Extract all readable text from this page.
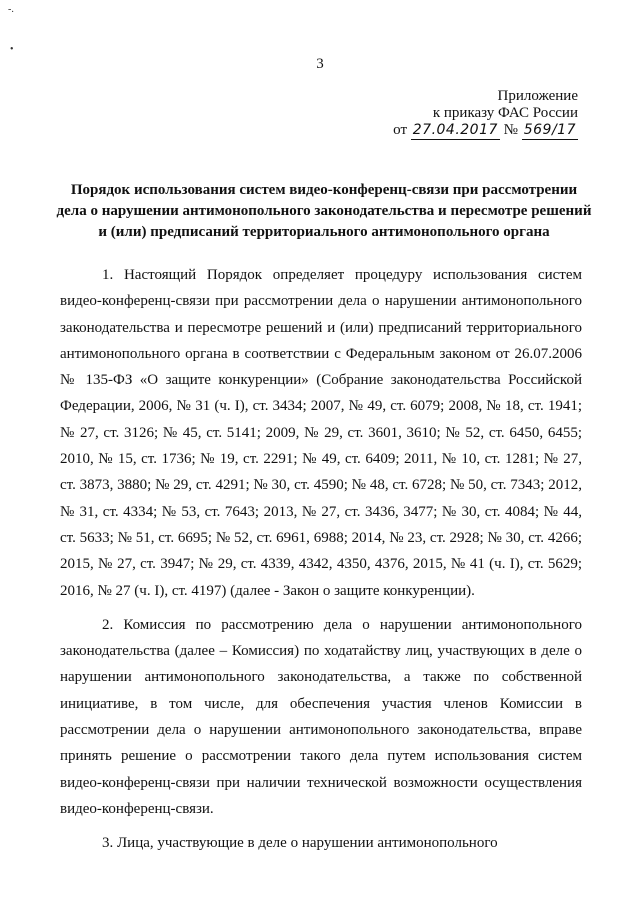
-.
•
3
Приложение
к приказу ФАС России
от 27.04.2017 № 569/17
Порядок использования систем видео-конференц-связи при рассмотрении дела о нарушении антимонопольного законодательства и пересмотре решений и (или) предписаний территориального антимонопольного органа

1. Настоящий Порядок определяет процедуру использования систем видео-конференц-связи при рассмотрении дела о нарушении антимонопольного законодательства и пересмотре решений и (или) предписаний территориального антимонопольного органа в соответствии с Федеральным законом от 26.07.2006 № 135-ФЗ «О защите конкуренции» (Собрание законодательства Российской Федерации, 2006, № 31 (ч. I), ст. 3434; 2007, № 49, ст. 6079; 2008, № 18, ст. 1941; № 27, ст. 3126; № 45, ст. 5141; 2009, № 29, ст. 3601, 3610; № 52, ст. 6450, 6455; 2010, № 15, ст. 1736; № 19, ст. 2291; № 49, ст. 6409; 2011, № 10, ст. 1281; № 27, ст. 3873, 3880; № 29, ст. 4291; № 30, ст. 4590; № 48, ст. 6728; № 50, ст. 7343; 2012, № 31, ст. 4334; № 53, ст. 7643; 2013, № 27, ст. 3436, 3477; № 30, ст. 4084; № 44, ст. 5633; № 51, ст. 6695; № 52, ст. 6961, 6988; 2014, № 23, ст. 2928; № 30, ст. 4266; 2015, № 27, ст. 3947; № 29, ст. 4339, 4342, 4350, 4376, 2015, № 41 (ч. I), ст. 5629; 2016, № 27 (ч. I), ст. 4197) (далее - Закон о защите конкуренции).

2. Комиссия по рассмотрению дела о нарушении антимонопольного законодательства (далее – Комиссия) по ходатайству лиц, участвующих в деле о нарушении антимонопольного законодательства, а также по собственной инициативе, в том числе, для обеспечения участия членов Комиссии в рассмотрении дела о нарушении антимонопольного законодательства, вправе принять решение о рассмотрении такого дела путем использования систем видео-конференц-связи при наличии технической возможности осуществления видео-конференц-связи.

3. Лица, участвующие в деле о нарушении антимонопольного
